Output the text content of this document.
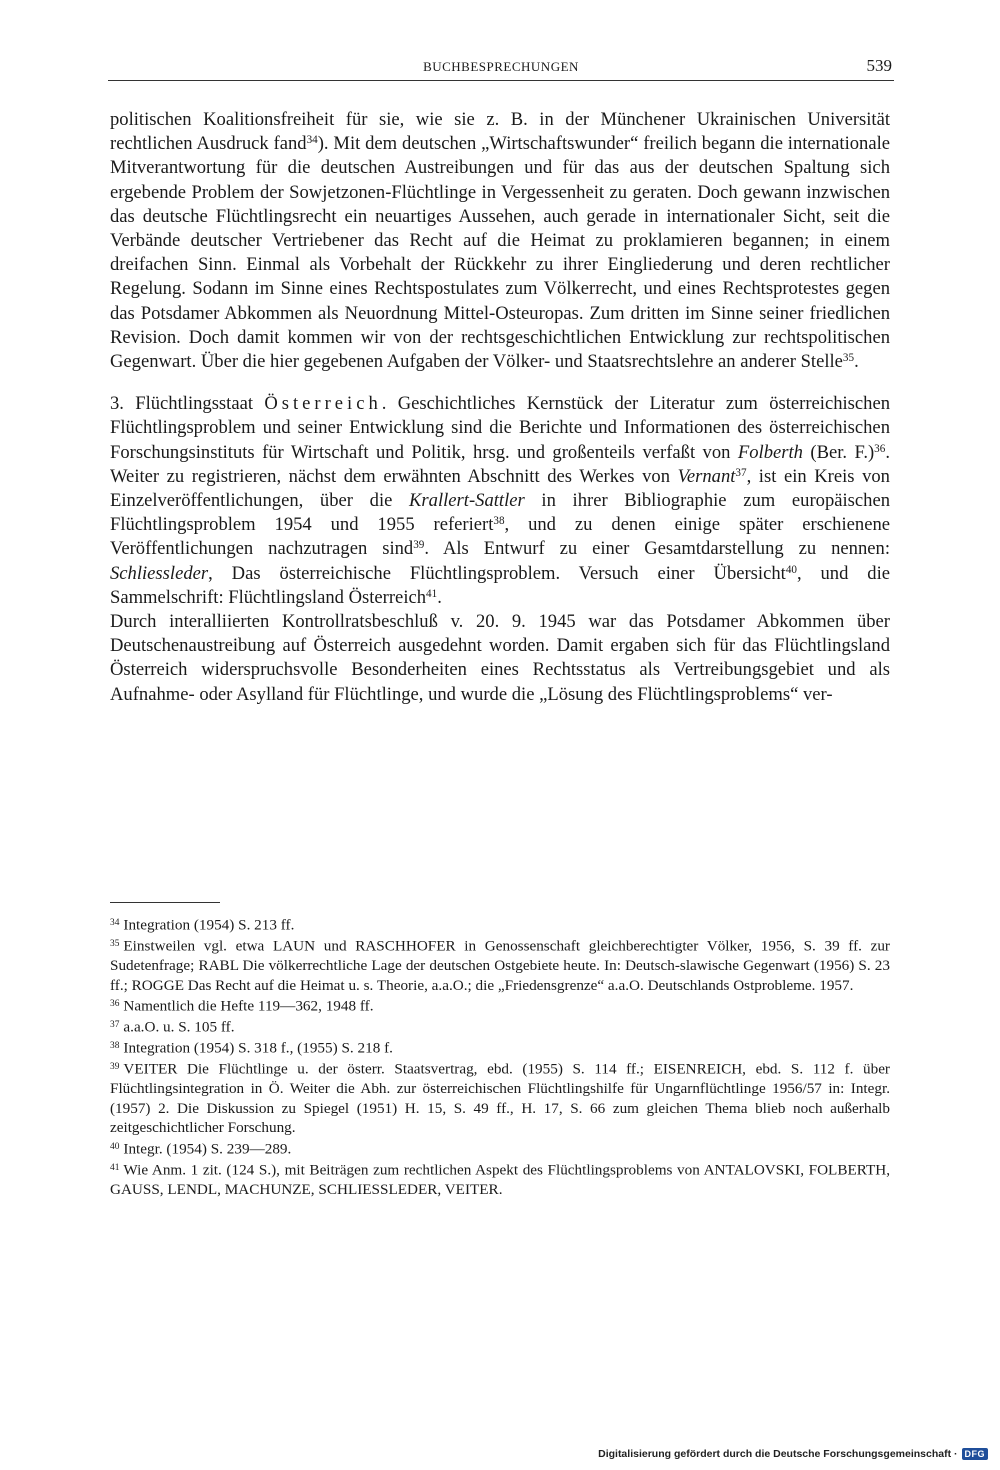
BUCHBESPRECHUNGEN	539

politischen Koalitionsfreiheit für sie, wie sie z. B. in der Münchener Ukrainischen Universität rechtlichen Ausdruck fand$^{34}$). Mit dem deutschen „Wirtschaftswunder“ freilich begann die internationale Mitverantwortung für die deutschen Austreibungen und für das aus der deutschen Spaltung sich ergebende Problem der Sowjetzonen-Flüchtlinge in Vergessenheit zu geraten. Doch gewann inzwischen das deutsche Flüchtlingsrecht ein neuartiges Aussehen, auch gerade in internationaler Sicht, seit die Verbände deutscher Vertriebener das Recht auf die Heimat zu proklamieren begannen; in einem dreifachen Sinn. Einmal als Vorbehalt der Rückkehr zu ihrer Eingliederung und deren rechtlicher Regelung. Sodann im Sinne eines Rechtspostulates zum Völkerrecht, und eines Rechtsprotestes gegen das Potsdamer Abkommen als Neuordnung Mittel-Osteuropas. Zum dritten im Sinne seiner friedlichen Revision. Doch damit kommen wir von der rechtsgeschichtlichen Entwicklung zur rechtspolitischen Gegenwart. Über die hier gegebenen Aufgaben der Völker- und Staatsrechtslehre an anderer Stelle$^{35}$.

3. Flüchtlingsstaat Österreich. Geschichtliches Kernstück der Literatur zum österreichischen Flüchtlingsproblem und seiner Entwicklung sind die Berichte und Informationen des österreichischen Forschungsinstituts für Wirtschaft und Politik, hrsg. und großenteils verfaßt von Folberth (Ber. F.)$^{36}$. Weiter zu registrieren, nächst dem erwähnten Abschnitt des Werkes von Vernant$^{37}$, ist ein Kreis von Einzelveröffentlichungen, über die Krallert-Sattler in ihrer Bibliographie zum europäischen Flüchtlingsproblem 1954 und 1955 referiert$^{38}$, und zu denen einige später erschienene Veröffentlichungen nachzutragen sind$^{39}$. Als Entwurf zu einer Gesamtdarstellung zu nennen: Schliessleder, Das österreichische Flüchtlingsproblem. Versuch einer Übersicht$^{40}$, und die Sammelschrift: Flüchtlingsland Österreich$^{41}$.

Durch interalliierten Kontrollratsbeschluß v. 20. 9. 1945 war das Potsdamer Abkommen über Deutschenaustreibung auf Österreich ausgedehnt worden. Damit ergaben sich für das Flüchtlingsland Österreich widerspruchsvolle Besonderheiten eines Rechtsstatus als Vertreibungsgebiet und als Aufnahme- oder Asylland für Flüchtlinge, und wurde die „Lösung des Flüchtlingsproblems“ ver-

$^{34}$ Integration (1954) S. 213 ff.
$^{35}$ Einstweilen vgl. etwa LAUN und RASCHHOFER in Genossenschaft gleichberechtigter Völker, 1956, S. 39 ff. zur Sudetenfrage; RABL Die völkerrechtliche Lage der deutschen Ostgebiete heute. In: Deutsch-slawische Gegenwart (1956) S. 23 ff.; ROGGE Das Recht auf die Heimat u. s. Theorie, a.a.O.; die „Friedensgrenze“ a.a.O. Deutschlands Ostprobleme. 1957.
$^{36}$ Namentlich die Hefte 119—362, 1948 ff.
$^{37}$ a.a.O. u. S. 105 ff.
$^{38}$ Integration (1954) S. 318 f., (1955) S. 218 f.
$^{39}$ VEITER Die Flüchtlinge u. der österr. Staatsvertrag, ebd. (1955) S. 114 ff.; EISENREICH, ebd. S. 112 f. über Flüchtlingsintegration in Ö. Weiter die Abh. zur österreichischen Flüchtlingshilfe für Ungarnflüchtlinge 1956/57 in: Integr. (1957) 2. Die Diskussion zu Spiegel (1951) H. 15, S. 49 ff., H. 17, S. 66 zum gleichen Thema blieb noch außerhalb zeitgeschichtlicher Forschung.
$^{40}$ Integr. (1954) S. 239—289.
$^{41}$ Wie Anm. 1 zit. (124 S.), mit Beiträgen zum rechtlichen Aspekt des Flüchtlingsproblems von ANTALOVSKI, FOLBERTH, GAUSS, LENDL, MACHUNZE, SCHLIESSLEDER, VEITER.
Digitalisierung gefördert durch die Deutsche Forschungsgemeinschaft · DFG
